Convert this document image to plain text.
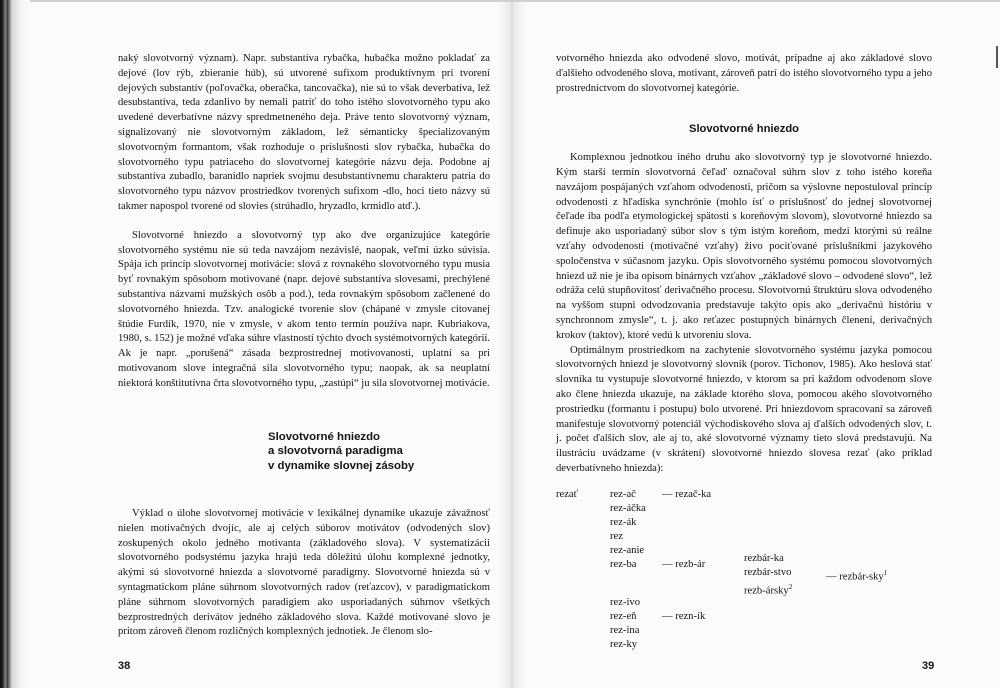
naký slovotvorný význam). Napr. substantíva rybačka, hubačka možno pokladať za dejové (lov rýb, zbieranie húb), sú utvorené sufixom produktívnym pri tvorení dejových substantív (poľovačka, oberačka, tancovačka), nie sú to však deverbatíva, lež desubstantíva, teda zdanlivo by nemali patriť do toho istého slovotvorného typu ako uvedené deverbatívne názvy spredmetneného deja. Práve tento slovotvorný význam, signalizovaný nie slovotvorným základom, lež sémanticky špecializovaným slovotvorným formantom, však rozhoduje o príslušnosti slov rybačka, hubačka do slovotvorného typu patriaceho do slovotvornej kategórie názvu deja. Podobne aj substantíva zubadlo, baranidlo napriek svojmu desubstantívnemu charakteru patria do slovotvorného typu názvov prostriedkov tvorených sufixom -dlo, hoci tieto názvy sú takmer napospol tvorené od slovies (strúhadlo, hryzadlo, krmidlo atď.).

Slovotvorné hniezdo a slovotvorný typ ako dve organizujúce kategórie slovotvorného systému nie sú teda navzájom nezávislé, naopak, veľmi úzko súvisia. Spája ich princíp slovotvornej motivácie: slová z rovnakého slovotvorného typu musia byť rovnakým spôsobom motivované (napr. dejové substantíva slovesami, prechýlené substantíva názvami mužských osôb a pod.), teda rovnakým spôsobom začlenené do slovotvorného hniezda. Tzv. analogické tvorenie slov (chápané v zmysle citovanej štúdie Furdík, 1970, nie v zmysle, v akom tento termín používa napr. Kubriakova, 1980, s. 152) je možné vďaka súhre vlastností týchto dvoch systémotvorných kategórií. Ak je napr. „porušená“ zásada bezprostrednej motivovanosti, uplatní sa pri motivovanom slove integračná sila slovotvorného typu; naopak, ak sa neuplatní niektorá konštitutívna črta slovotvorného typu, „zastúpi“ ju sila slovotvornej motivácie.

Slovotvorné hniezdo
a slovotvorná paradigma
v dynamike slovnej zásoby

Výklad o úlohe slovotvornej motivácie v lexikálnej dynamike ukazuje závažnosť nielen motivačných dvojíc, ale aj celých súborov motivátov (odvodených slov) zoskupených okolo jedného motivanta (základového slova). V systematizácii slovotvorného podsystému jazyka hrajú teda dôležitú úlohu komplexné jednotky, akými sú slovotvorné hniezda a slovotvorné paradigmy. Slovotvorné hniezda sú v syntagmatickom pláne súhrnom slovotvorných radov (reťazcov), v paradigmatickom pláne súhrnom slovotvorných paradigiem ako usporiadaných súhrnov všetkých bezprostredných derivátov jedného základového slova. Každé motivované slovo je pritom zároveň členom rozličných komplexných jednotiek. Je členom slo-

38

votvorného hniezda ako odvodené slovo, motivát, prípadne aj ako základové slovo ďalšieho odvodeného slova, motivant, zároveň patrí do istého slovotvorného typu a jeho prostredníctvom do slovotvornej kategórie.

Slovotvorné hniezdo

Komplexnou jednotkou iného druhu ako slovotvorný typ je slovotvorné hniezdo. Kým starší termín slovotvorná čeľaď označoval súhrn slov z toho istého koreňa navzájom pospájaných vzťahom odvodenosti, pričom sa výslovne nepostuloval princíp odvodenosti z hľadiska synchrónie (mohlo ísť o príslušnosť do jednej slovotvornej čeľade iba podľa etymologickej spätosti s koreňovým slovom), slovotvorné hniezdo sa definuje ako usporiadaný súbor slov s tým istým koreňom, medzi ktorými sú reálne vzťahy odvodenosti (motivačné vzťahy) živo pociťované príslušníkmi jazykového spoločenstva v súčasnom jazyku. Opis slovotvorného systému pomocou slovotvorných hniezd už nie je iba opisom binárnych vzťahov „základové slovo – odvodené slovo“, lež odráža celú stupňovitosť derivačného procesu. Slovotvornú štruktúru slova odvodeného na vyššom stupni odvodzovania predstavuje takýto opis ako „derivačnú históriu v synchronnom zmysle“, t. j. ako reťazec postupných binárnych členení, derivačných krokov (taktov), ktoré vedú k utvoreniu slova.

Optimálnym prostriedkom na zachytenie slovotvorného systému jazyka pomocou slovotvorných hniezd je slovotvorný slovník (porov. Tichonov, 1985). Ako heslová stať slovníka tu vystupuje slovotvorné hniezdo, v ktorom sa pri každom odvodenom slove ako člene hniezda ukazuje, na základe ktorého slova, pomocou akého slovotvorného prostriedku (formantu i postupu) bolo utvorené. Pri hniezdovom spracovaní sa zároveň manifestuje slovotvorný potenciál východiskového slova aj ďalších odvodených slov, t. j. počet ďalších slov, ale aj to, aké slovotvorné významy tieto slová predstavujú. Na ilustráciu uvádzame (v skrátení) slovotvorné hniezdo slovesa rezať (ako príklad deverbatívneho hniezda):

rezať	rez-ač
rez-áčka
rez-ák
rez
rez-anie
rez-ba
rez-ivo
rez-eň
rez-ina
rez-ky
— rezač-ka
— rezb-ár
— rezn-ík
rezbár-ka
rezbár-stvo
rezb-ársky$^2$
— rezbár-sky$^1$
39
